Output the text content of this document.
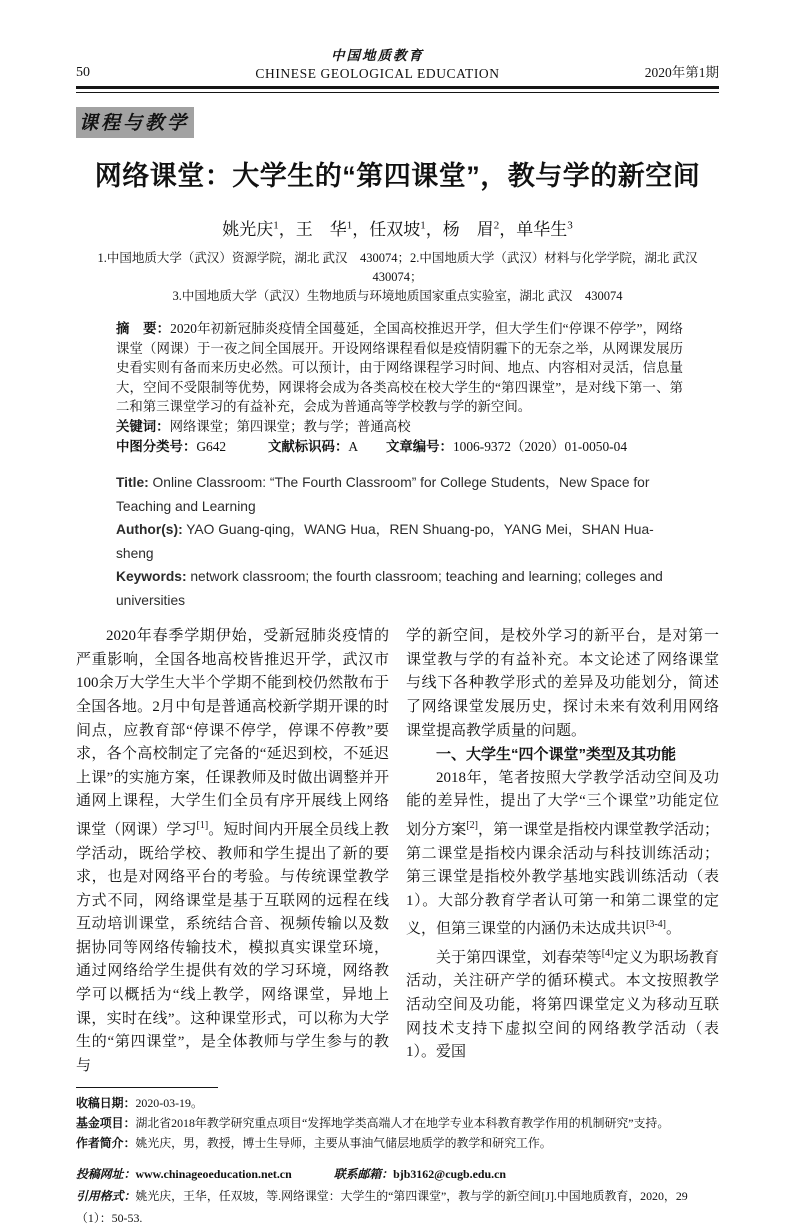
50
中国地质教育
CHINESE GEOLOGICAL EDUCATION	2020年第1期
课程与教学
网络课堂：大学生的“第四课堂”，教与学的新空间
姚光庆$^1$，王　华$^1$，任双坡$^1$，杨　眉$^2$，单华生$^3$
1.中国地质大学（武汉）资源学院，湖北 武汉　430074；2.中国地质大学（武汉）材料与化学学院，湖北 武汉　430074；
3.中国地质大学（武汉）生物地质与环境地质国家重点实验室，湖北 武汉　430074

摘　要：2020年初新冠肺炎疫情全国蔓延，全国高校推迟开学，但大学生们“停课不停学”，网络课堂（网课）于一夜之间全国展开。开设网络课程看似是疫情阴霾下的无奈之举，从网课发展历史看实则有备而来历史必然。可以预计，由于网络课程学习时间、地点、内容相对灵活，信息量大，空间不受限制等优势，网课将会成为各类高校在校大学生的“第四课堂”，是对线下第一、第二和第三课堂学习的有益补充，会成为普通高等学校教与学的新空间。

关键词：网络课堂；第四课堂；教与学；普通高校

中图分类号：G642	文献标识码：A	文章编号：1006-9372（2020）01-0050-04

Title: Online Classroom: “The Fourth Classroom” for College Students，New Space for Teaching and Learning

Author(s): YAO Guang-qing，WANG Hua，REN Shuang-po，YANG Mei，SHAN Hua-sheng

Keywords: network classroom; the fourth classroom; teaching and learning; colleges and universities

2020年春季学期伊始，受新冠肺炎疫情的严重影响，全国各地高校皆推迟开学，武汉市100余万大学生大半个学期不能到校仍然散布于全国各地。2月中旬是普通高校新学期开课的时间点，应教育部“停课不停学，停课不停教”要求，各个高校制定了完备的“延迟到校，不延迟上课”的实施方案，任课教师及时做出调整并开通网上课程，大学生们全员有序开展线上网络课堂（网课）学习[1]。短时间内开展全员线上教学活动，既给学校、教师和学生提出了新的要求，也是对网络平台的考验。与传统课堂教学方式不同，网络课堂是基于互联网的远程在线互动培训课堂，系统结合音、视频传输以及数据协同等网络传输技术，模拟真实课堂环境，通过网络给学生提供有效的学习环境，网络教学可以概括为“线上教学，网络课堂，异地上课，实时在线”。这种课堂形式，可以称为大学生的“第四课堂”，是全体教师与学生参与的教与

学的新空间，是校外学习的新平台，是对第一课堂教与学的有益补充。本文论述了网络课堂与线下各种教学形式的差异及功能划分，简述了网络课堂发展历史，探讨未来有效利用网络课堂提高教学质量的问题。

一、大学生“四个课堂”类型及其功能

2018年，笔者按照大学教学活动空间及功能的差异性，提出了大学“三个课堂”功能定位划分方案[2]，第一课堂是指校内课堂教学活动；第二课堂是指校内课余活动与科技训练活动；第三课堂是指校外教学基地实践训练活动（表1）。大部分教育学者认可第一和第二课堂的定义，但第三课堂的内涵仍未达成共识[3-4]。

关于第四课堂，刘春荣等[4]定义为职场教育活动，关注研产学的循环模式。本文按照教学活动空间及功能，将第四课堂定义为移动互联网技术支持下虚拟空间的网络教学活动（表1）。爱国

收稿日期：2020-03-19。

基金项目：湖北省2018年教学研究重点项目“发挥地学类高端人才在地学专业本科教育教学作用的机制研究”支持。

作者简介：姚光庆，男，教授，博士生导师，主要从事油气储层地质学的教学和研究工作。

投稿网址：www.chinageoeducation.net.cn	联系邮箱：bjb3162@cugb.edu.cn
引用格式：姚光庆，王华，任双坡，等.网络课堂：大学生的“第四课堂”，教与学的新空间[J].中国地质教育，2020，29（1）：50-53.
